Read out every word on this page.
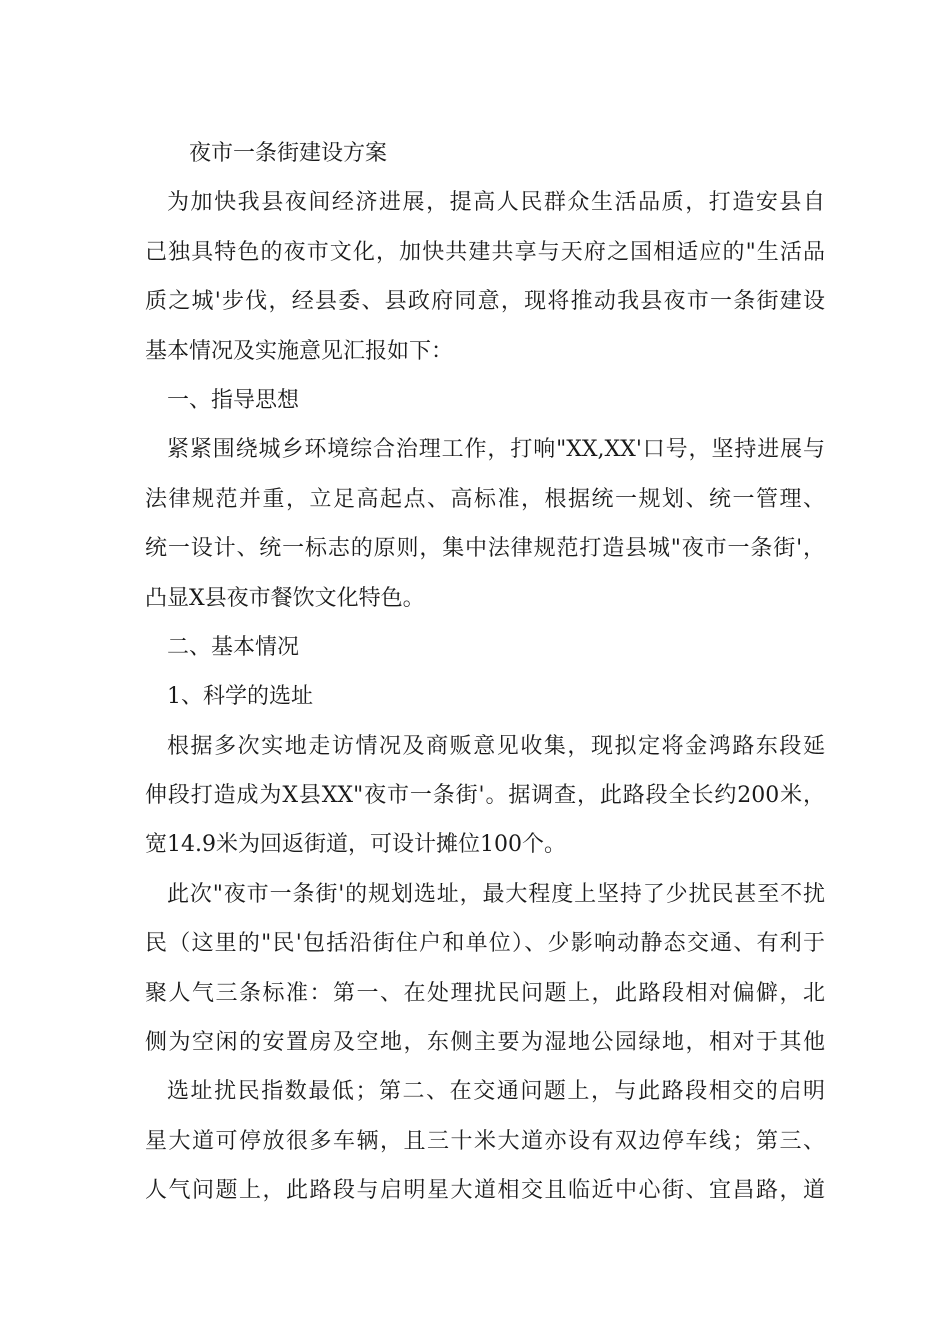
夜市一条街建设方案
为加快我县夜间经济进展，提高人民群众生活品质，打造安县自
己独具特色的夜市文化，加快共建共享与天府之国相适应的"生活品
质之城'步伐，经县委、县政府同意，现将推动我县夜市一条街建设
基本情况及实施意见汇报如下：
一、指导思想
紧紧围绕城乡环境综合治理工作，打响"XX,XX'口号，坚持进展与
法律规范并重，立足高起点、高标准，根据统一规划、统一管理、
统一设计、统一标志的原则，集中法律规范打造县城"夜市一条街'，
凸显X县夜市餐饮文化特色。
二、基本情况
1、科学的选址
根据多次实地走访情况及商贩意见收集，现拟定将金鸿路东段延
伸段打造成为X县XX"夜市一条街'。据调查，此路段全长约200米，
宽14.9米为回返街道，可设计摊位100个。
此次"夜市一条街'的规划选址，最大程度上坚持了少扰民甚至不扰
民（这里的"民'包括沿街住户和单位）、少影响动静态交通、有利于
聚人气三条标准：第一、在处理扰民问题上，此路段相对偏僻，北
侧为空闲的安置房及空地，东侧主要为湿地公园绿地，相对于其他
选址扰民指数最低；第二、在交通问题上，与此路段相交的启明
星大道可停放很多车辆，且三十米大道亦设有双边停车线；第三、
人气问题上，此路段与启明星大道相交且临近中心街、宜昌路，道
